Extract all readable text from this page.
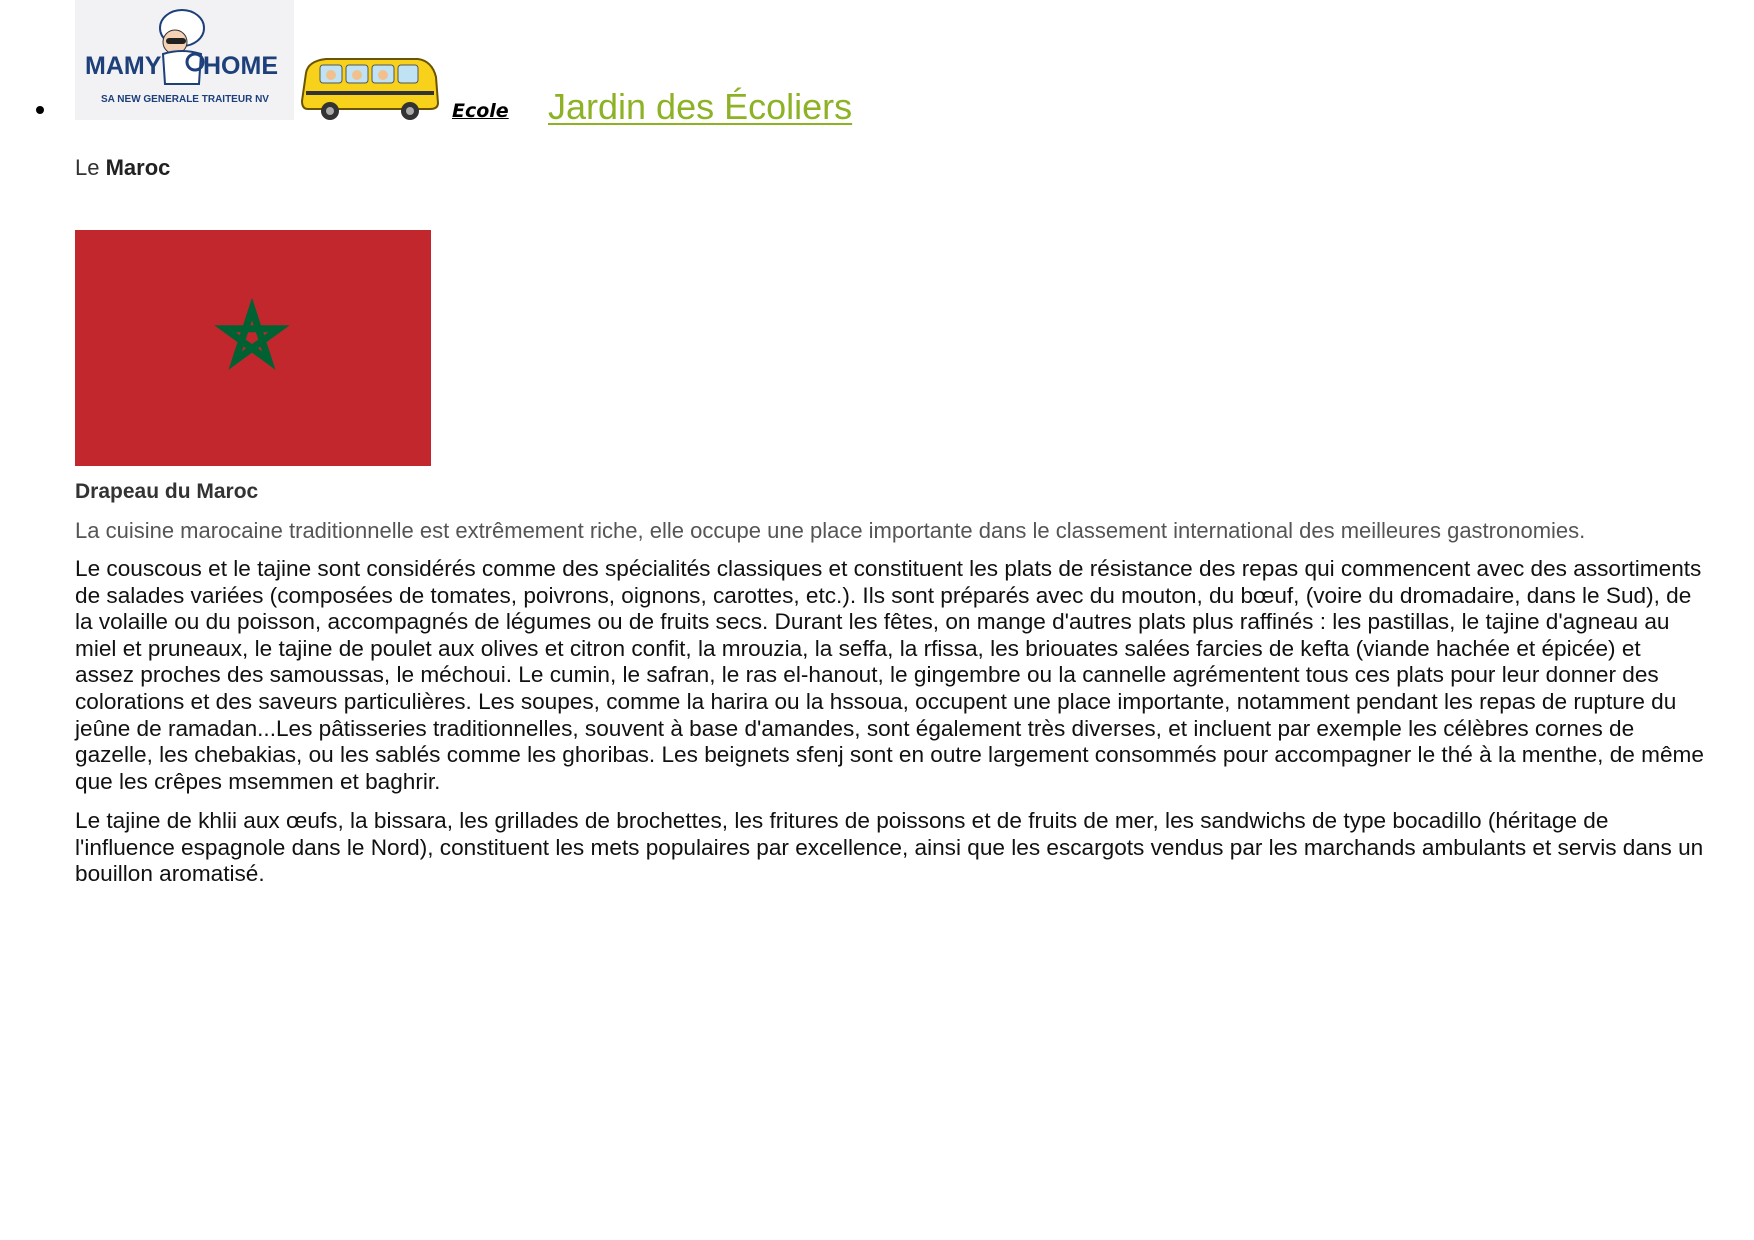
MAMY HOME
SA NEW GENERALE TRAITEUR NV
Ecole Jardin des Écoliers
Le Maroc
Drapeau du Maroc
La cuisine marocaine traditionnelle est extrêmement riche, elle occupe une place importante dans le classement international des meilleures gastronomies.
Le couscous et le tajine sont considérés comme des spécialités classiques et constituent les plats de résistance des repas qui commencent avec des assortiments de salades variées (composées de tomates, poivrons, oignons, carottes, etc.). Ils sont préparés avec du mouton, du bœuf, (voire du dromadaire, dans le Sud), de la volaille ou du poisson, accompagnés de légumes ou de fruits secs. Durant les fêtes, on mange d'autres plats plus raffinés : les pastillas, le tajine d'agneau au miel et pruneaux, le tajine de poulet aux olives et citron confit, la mrouzia, la seffa, la rfissa, les briouates salées farcies de kefta (viande hachée et épicée) et assez proches des samoussas, le méchoui. Le cumin, le safran, le ras el-hanout, le gingembre ou la cannelle agrémentent tous ces plats pour leur donner des colorations et des saveurs particulières. Les soupes, comme la harira ou la hssoua, occupent une place importante, notamment pendant les repas de rupture du jeûne de ramadan...Les pâtisseries traditionnelles, souvent à base d'amandes, sont également très diverses, et incluent par exemple les célèbres cornes de gazelle, les chebakias, ou les sablés comme les ghoribas. Les beignets sfenj sont en outre largement consommés pour accompagner le thé à la menthe, de même que les crêpes msemmen et baghrir.
Le tajine de khlii aux œufs, la bissara, les grillades de brochettes, les fritures de poissons et de fruits de mer, les sandwichs de type bocadillo (héritage de l'influence espagnole dans le Nord), constituent les mets populaires par excellence, ainsi que les escargots vendus par les marchands ambulants et servis dans un bouillon aromatisé.
